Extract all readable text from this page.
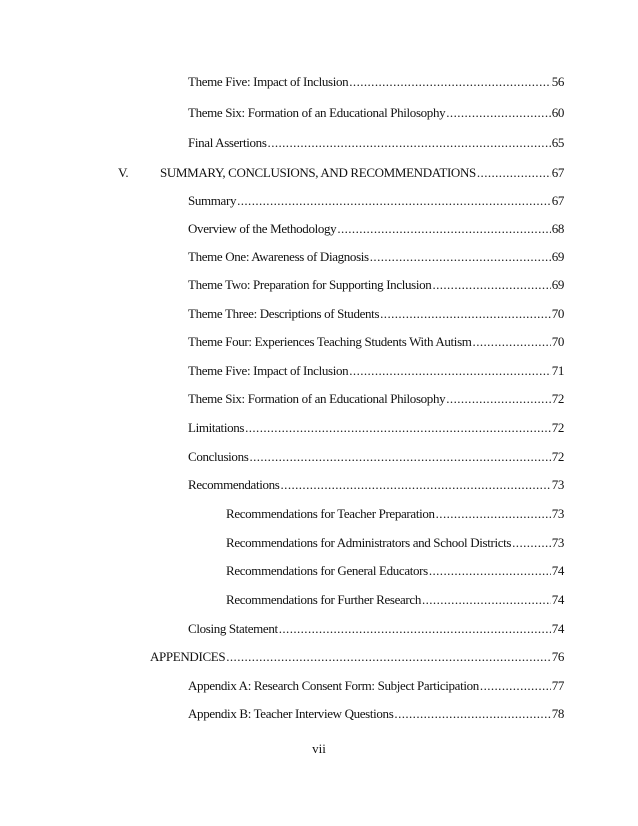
Theme Five: Impact of Inclusion .....	56
Theme Six: Formation of an Educational Philosophy .....	60
Final Assertions .....	65
V. SUMMARY, CONCLUSIONS, AND RECOMMENDATIONS .....	67
Summary .....	67
Overview of the Methodology .....	68
Theme One: Awareness of Diagnosis .....	69
Theme Two: Preparation for Supporting Inclusion .....	69
Theme Three: Descriptions of Students .....	70
Theme Four: Experiences Teaching Students With Autism .....	70
Theme Five: Impact of Inclusion .....	71
Theme Six: Formation of an Educational Philosophy .....	72
Limitations .....	72
Conclusions .....	72
Recommendations .....	73
Recommendations for Teacher Preparation .....	73
Recommendations for Administrators and School Districts .....	73
Recommendations for General Educators .....	74
Recommendations for Further Research .....	74
Closing Statement .....	74
APPENDICES .....	76
Appendix A: Research Consent Form: Subject Participation .....	77
Appendix B: Teacher Interview Questions .....	78
vii
